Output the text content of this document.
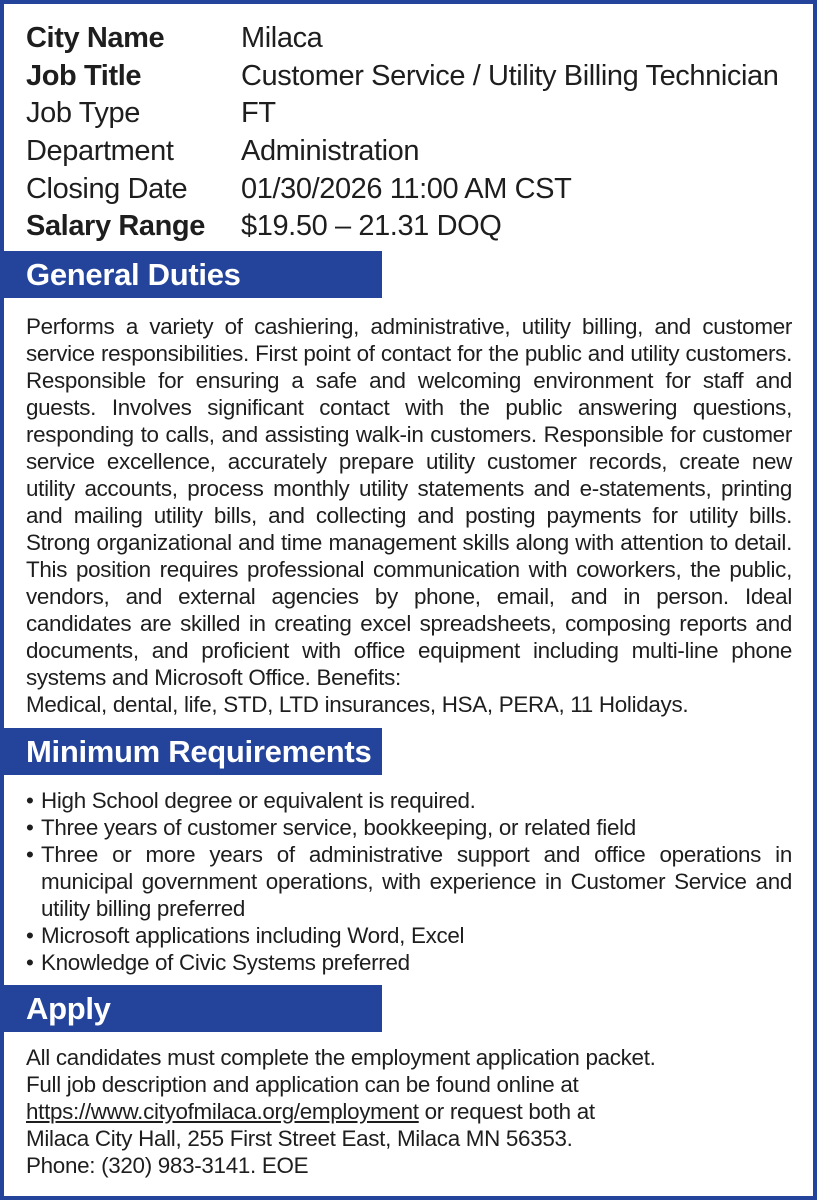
City Name	Milaca
Job Title	Customer Service / Utility Billing Technician
Job Type	FT
Department	Administration
Closing Date	01/30/2026 11:00 AM CST
Salary Range	$19.50 – 21.31 DOQ
General Duties

Performs a variety of cashiering, administrative, utility billing, and customer service responsibilities. First point of contact for the public and utility customers. Responsible for ensuring a safe and welcoming environment for staff and guests. Involves significant contact with the public answering questions, responding to calls, and assisting walk-in customers. Responsible for customer service excellence, accurately prepare utility customer records, create new utility accounts, process monthly utility statements and e-statements, printing and mailing utility bills, and collecting and posting payments for utility bills. Strong organizational and time management skills along with attention to detail. This position requires professional communication with coworkers, the public, vendors, and external agencies by phone, email, and in person. Ideal candidates are skilled in creating excel spreadsheets, composing reports and documents, and proficient with office equipment including multi-line phone systems and Microsoft Office. Benefits:

Medical, dental, life, STD, LTD insurances, HSA, PERA, 11 Holidays.

Minimum Requirements
• High School degree or equivalent is required.
• Three years of customer service, bookkeeping, or related field
• Three or more years of administrative support and office operations in municipal government operations, with experience in Customer Service and utility billing preferred
• Microsoft applications including Word, Excel
• Knowledge of Civic Systems preferred
Apply
All candidates must complete the employment application packet.
Full job description and application can be found online at
https://www.cityofmilaca.org/employment or request both at
Milaca City Hall, 255 First Street East, Milaca MN 56353.
Phone: (320) 983-3141. EOE
